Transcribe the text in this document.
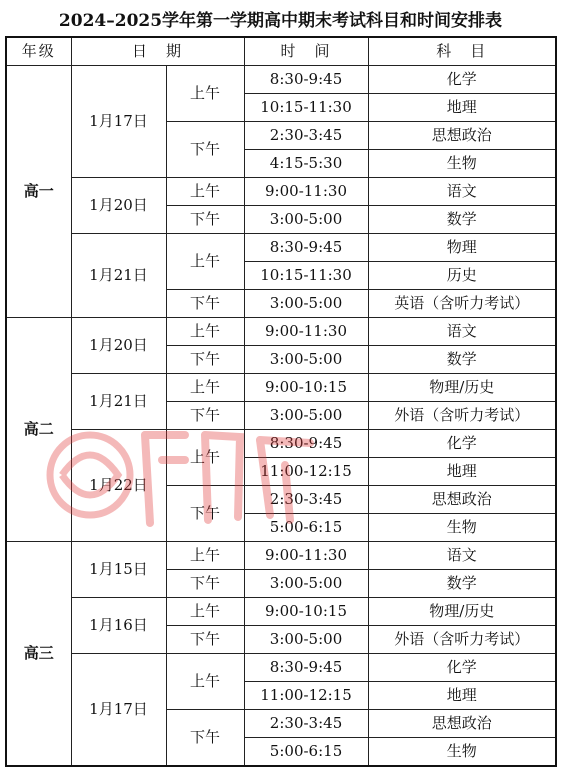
2024–2025学年第一学期高中期末考试科目和时间安排表
年级	日　期		时　间	科　目
高一	1月17日	上午	8:30-9:45	化学
			10:15-11:30	地理
		下午	2:30-3:45	思想政治
			4:15-5:30	生物
	1月20日	上午	9:00-11:30	语文
		下午	3:00-5:00	数学
	1月21日	上午	8:30-9:45	物理
			10:15-11:30	历史
		下午	3:00-5:00	英语（含听力考试）
高二	1月20日	上午	9:00-11:30	语文
		下午	3:00-5:00	数学
	1月21日	上午	9:00-10:15	物理/历史
		下午	3:00-5:00	外语（含听力考试）
	1月22日	上午	8:30-9:45	化学
			11:00-12:15	地理
		下午	2:30-3:45	思想政治
			5:00-6:15	生物
高三	1月15日	上午	9:00-11:30	语文
		下午	3:00-5:00	数学
	1月16日	上午	9:00-10:15	物理/历史
		下午	3:00-5:00	外语（含听力考试）
	1月17日	上午	8:30-9:45	化学
			11:00-12:15	地理
		下午	2:30-3:45	思想政治
			5:00-6:15	生物
